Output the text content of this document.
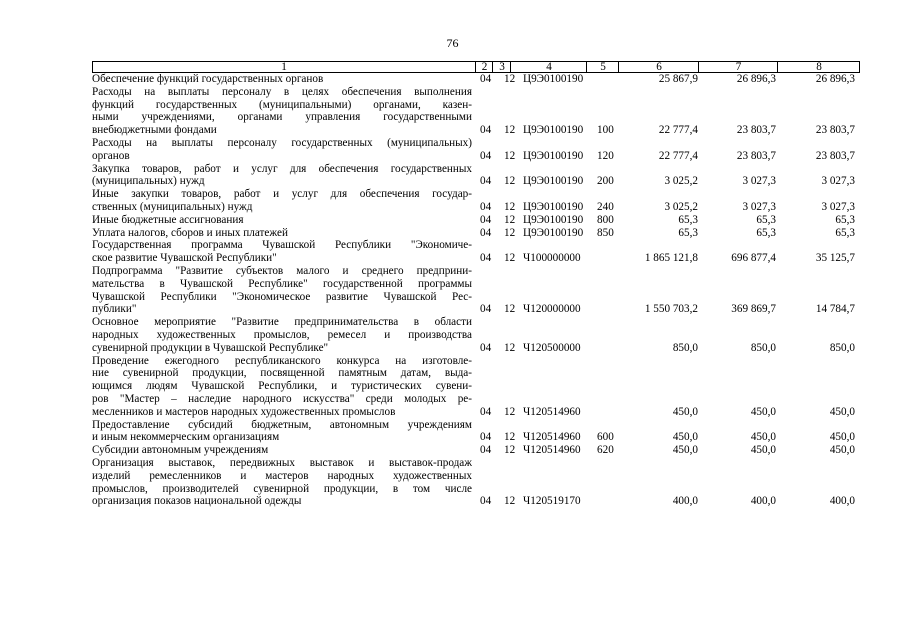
76
1	2	3	4	5	6	7	8
Обеспечение функций государственных органов	04 12 Ц9Э0100190	25 867,9	26 896,3	26 896,3
Расходы на выплаты персоналу в целях обеспечения выполнения
функций государственных (муниципальными) органами, казен-
ными учреждениями, органами управления государственными
внебюджетными фондами	04 12 Ц9Э0100190 100	22 777,4	23 803,7	23 803,7
Расходы на выплаты персоналу государственных (муниципальных)
органов	04 12 Ц9Э0100190 120	22 777,4	23 803,7	23 803,7
Закупка товаров, работ и услуг для обеспечения государственных
(муниципальных) нужд	04 12 Ц9Э0100190 200	3 025,2	3 027,3	3 027,3
Иные закупки товаров, работ и услуг для обеспечения государ-
ственных (муниципальных) нужд	04 12 Ц9Э0100190 240	3 025,2	3 027,3	3 027,3
Иные бюджетные ассигнования	04 12 Ц9Э0100190 800	65,3	65,3	65,3
Уплата налогов, сборов и иных платежей	04 12 Ц9Э0100190 850	65,3	65,3	65,3
Государственная программа Чувашской Республики "Экономиче-
ское развитие Чувашской Республики"	04 12 Ч100000000	1 865 121,8	696 877,4	35 125,7
Подпрограмма "Развитие субъектов малого и среднего предприни-
мательства в Чувашской Республике" государственной программы
Чувашской Республики "Экономическое развитие Чувашской Рес-
публики"	04 12 Ч120000000	1 550 703,2	369 869,7	14 784,7
Основное мероприятие "Развитие предпринимательства в области
народных художественных промыслов, ремесел и производства
сувенирной продукции в Чувашской Республике"	04 12 Ч120500000	850,0	850,0	850,0
Проведение ежегодного республиканского конкурса на изготовле-
ние сувенирной продукции, посвященной памятным датам, выда-
ющимся людям Чувашской Республики, и туристических сувени-
ров "Мастер – наследие народного искусства" среди молодых ре-
месленников и мастеров народных художественных промыслов	04 12 Ч120514960	450,0	450,0	450,0
Предоставление субсидий бюджетным, автономным учреждениям
и иным некоммерческим организациям	04 12 Ч120514960 600	450,0	450,0	450,0
Субсидии автономным учреждениям	04 12 Ч120514960 620	450,0	450,0	450,0
Организация выставок, передвижных выставок и выставок-продаж
изделий ремесленников и мастеров народных художественных
промыслов, производителей сувенирной продукции, в том числе
организация показов национальной одежды	04 12 Ч120519170	400,0	400,0	400,0
